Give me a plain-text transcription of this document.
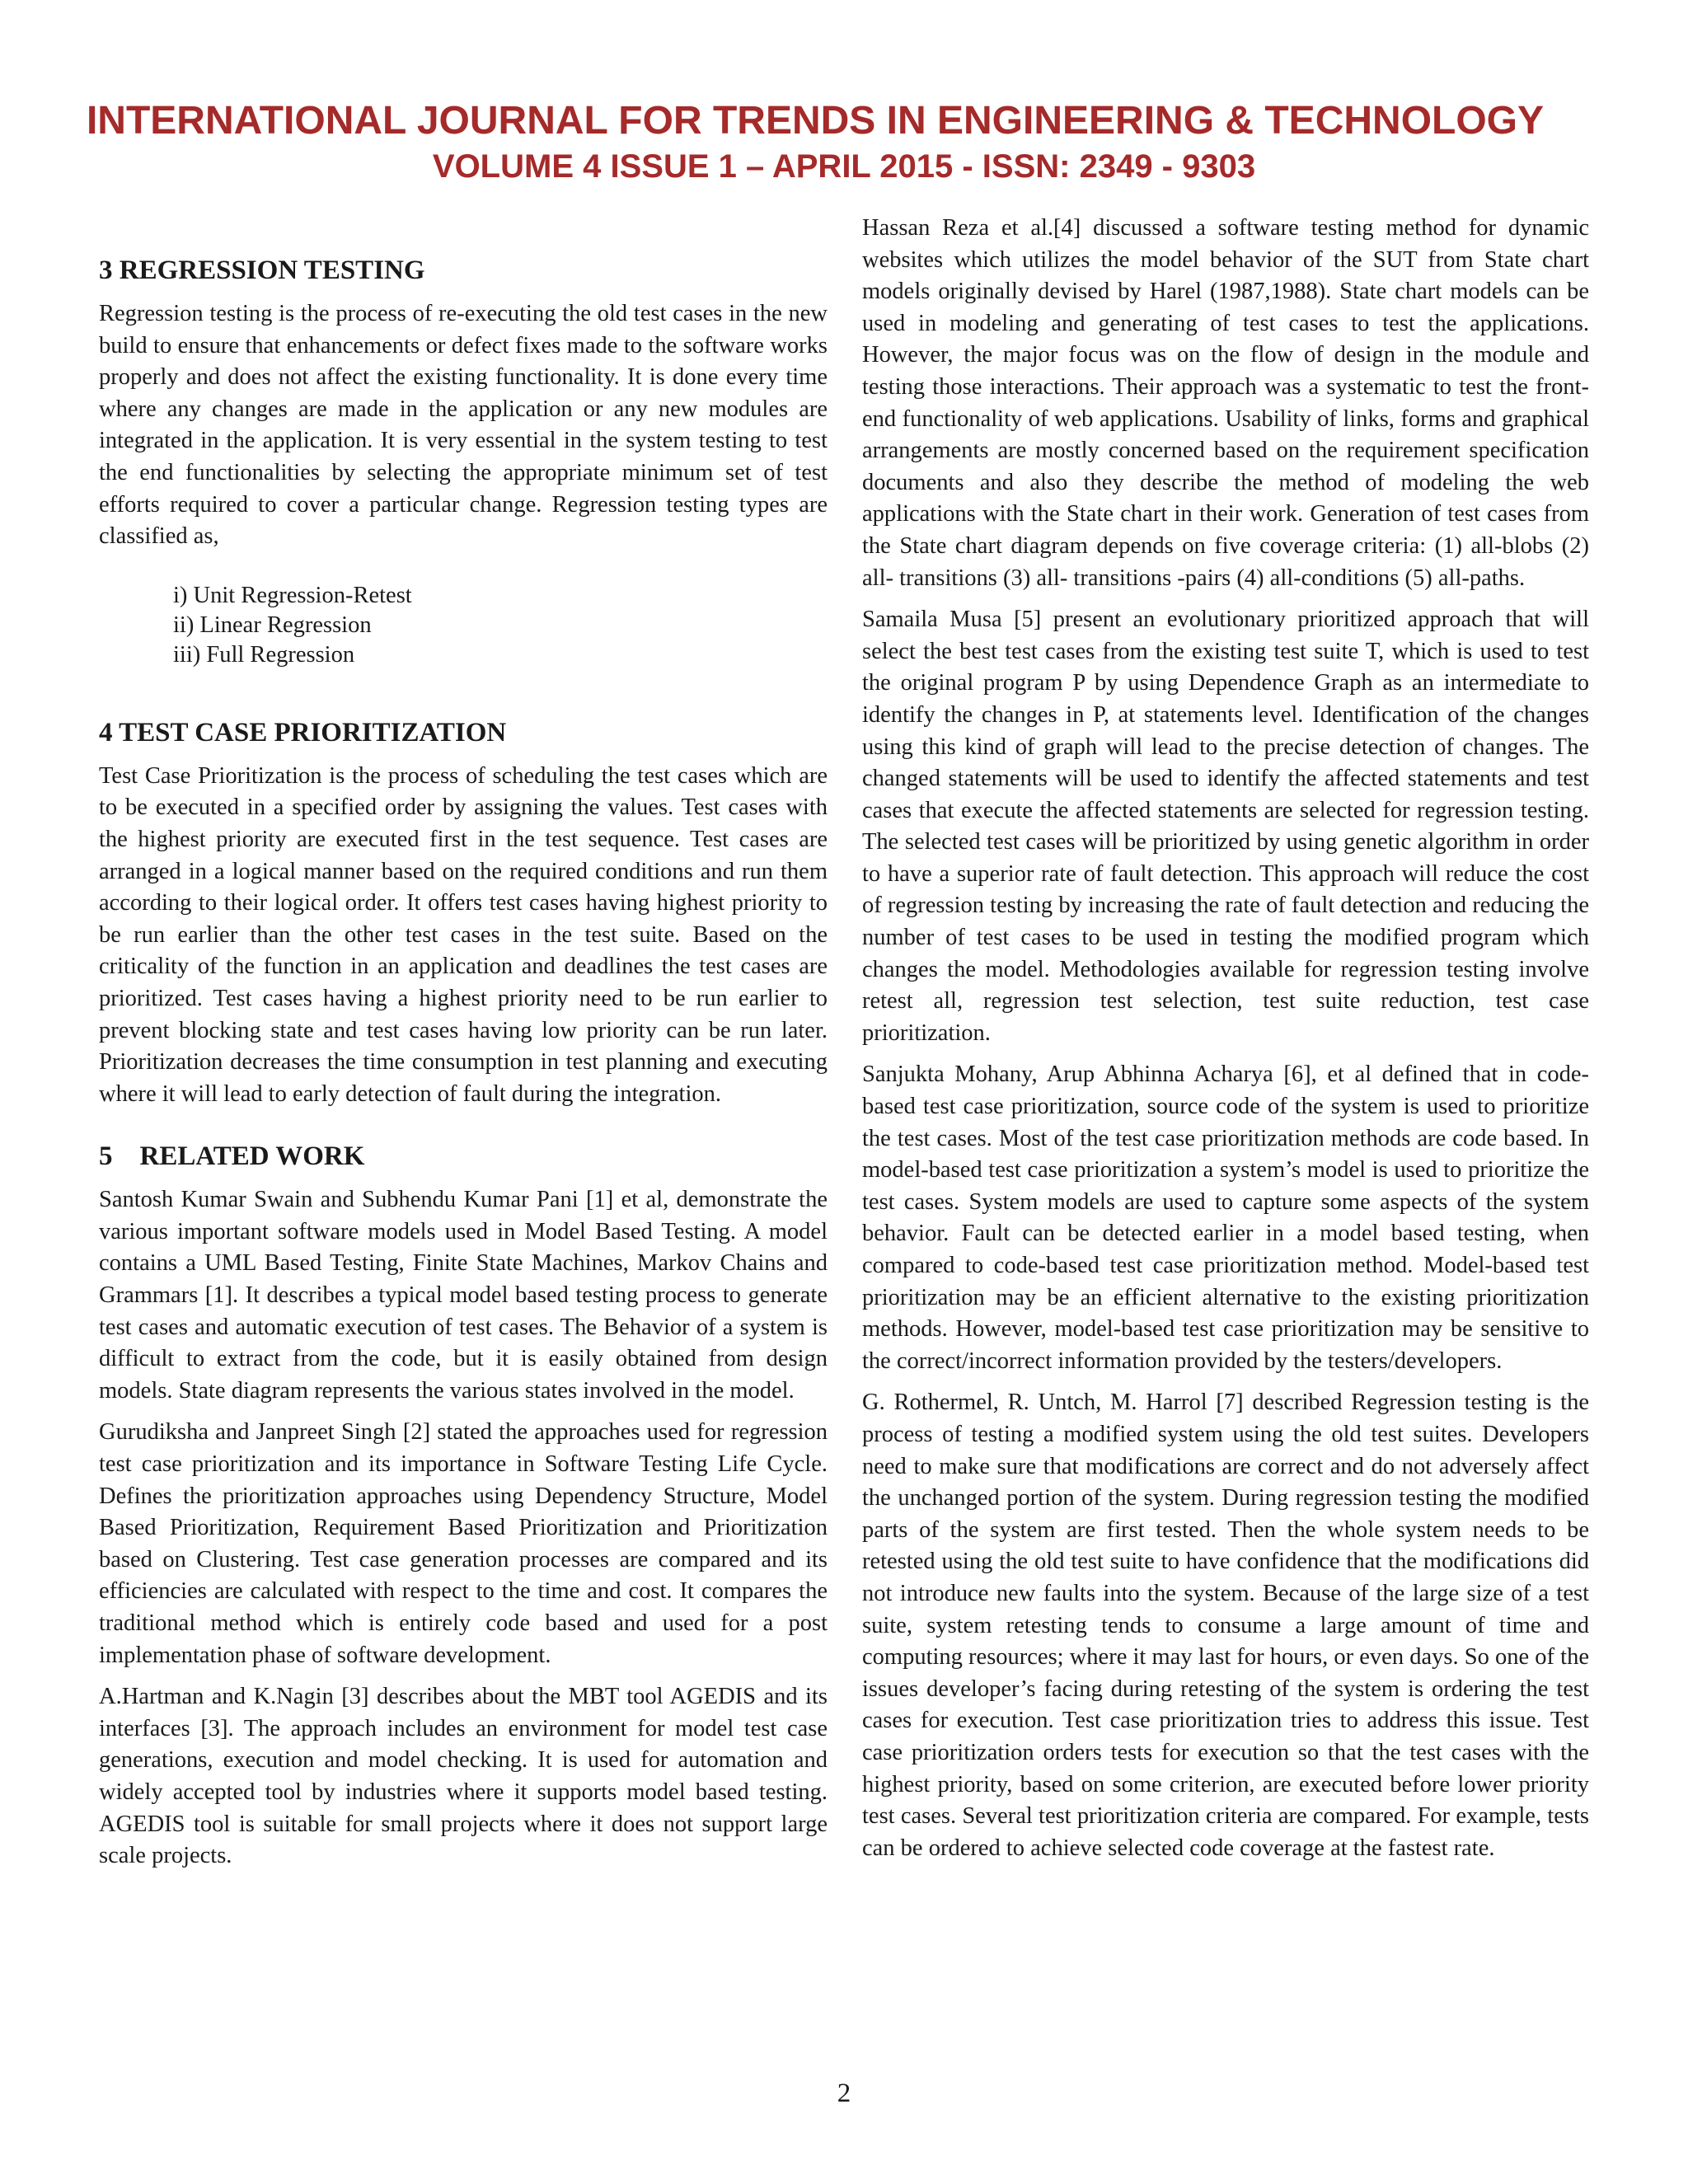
INTERNATIONAL JOURNAL FOR TRENDS IN ENGINEERING & TECHNOLOGY
VOLUME 4 ISSUE 1 – APRIL 2015 - ISSN: 2349 - 9303
3 REGRESSION TESTING

Regression testing is the process of re-executing the old test cases in the new build to ensure that enhancements or defect fixes made to the software works properly and does not affect the existing functionality. It is done every time where any changes are made in the application or any new modules are integrated in the application. It is very essential in the system testing to test the end functionalities by selecting the appropriate minimum set of test efforts required to cover a particular change. Regression testing types are classified as,

i) Unit Regression-Retest
ii) Linear Regression
iii) Full Regression
4 TEST CASE PRIORITIZATION

Test Case Prioritization is the process of scheduling the test cases which are to be executed in a specified order by assigning the values. Test cases with the highest priority are executed first in the test sequence. Test cases are arranged in a logical manner based on the required conditions and run them according to their logical order. It offers test cases having highest priority to be run earlier than the other test cases in the test suite. Based on the criticality of the function in an application and deadlines the test cases are prioritized. Test cases having a highest priority need to be run earlier to prevent blocking state and test cases having low priority can be run later. Prioritization decreases the time consumption in test planning and executing where it will lead to early detection of fault during the integration.

5    RELATED WORK

Santosh Kumar Swain and Subhendu Kumar Pani [1] et al, demonstrate the various important software models used in Model Based Testing. A model contains a UML Based Testing, Finite State Machines, Markov Chains and Grammars [1]. It describes a typical model based testing process to generate test cases and automatic execution of test cases. The Behavior of a system is difficult to extract from the code, but it is easily obtained from design models. State diagram represents the various states involved in the model.

Gurudiksha and Janpreet Singh [2] stated the approaches used for regression test case prioritization and its importance in Software Testing Life Cycle. Defines the prioritization approaches using Dependency Structure, Model Based Prioritization, Requirement Based Prioritization and Prioritization based on Clustering. Test case generation processes are compared and its efficiencies are calculated with respect to the time and cost. It compares the traditional method which is entirely code based and used for a post implementation phase of software development.

A.Hartman and K.Nagin [3] describes about the MBT tool AGEDIS and its interfaces [3]. The approach includes an environment for model test case generations, execution and model checking. It is used for automation and widely accepted tool by industries where it supports model based testing. AGEDIS tool is suitable for small projects where it does not support large scale projects.

Hassan Reza et al.[4] discussed a software testing method for dynamic websites which utilizes the model behavior of the SUT from State chart models originally devised by Harel (1987,1988). State chart models can be used in modeling and generating of test cases to test the applications. However, the major focus was on the flow of design in the module and testing those interactions. Their approach was a systematic to test the front-end functionality of web applications. Usability of links, forms and graphical arrangements are mostly concerned based on the requirement specification documents and also they describe the method of modeling the web applications with the State chart in their work. Generation of test cases from the State chart diagram depends on five coverage criteria: (1) all-blobs (2) all- transitions (3) all- transitions -pairs (4) all-conditions (5) all-paths.

Samaila Musa [5] present an evolutionary prioritized approach that will select the best test cases from the existing test suite T, which is used to test the original program P by using Dependence Graph as an intermediate to identify the changes in P, at statements level. Identification of the changes using this kind of graph will lead to the precise detection of changes. The changed statements will be used to identify the affected statements and test cases that execute the affected statements are selected for regression testing. The selected test cases will be prioritized by using genetic algorithm in order to have a superior rate of fault detection. This approach will reduce the cost of regression testing by increasing the rate of fault detection and reducing the number of test cases to be used in testing the modified program which changes the model. Methodologies available for regression testing involve retest all, regression test selection, test suite reduction, test case prioritization.

Sanjukta Mohany, Arup Abhinna Acharya [6], et al defined that in code-based test case prioritization, source code of the system is used to prioritize the test cases. Most of the test case prioritization methods are code based. In model-based test case prioritization a system’s model is used to prioritize the test cases. System models are used to capture some aspects of the system behavior. Fault can be detected earlier in a model based testing, when compared to code-based test case prioritization method. Model-based test prioritization may be an efficient alternative to the existing prioritization methods. However, model-based test case prioritization may be sensitive to the correct/incorrect information provided by the testers/developers.

G. Rothermel, R. Untch, M. Harrol [7] described Regression testing is the process of testing a modified system using the old test suites. Developers need to make sure that modifications are correct and do not adversely affect the unchanged portion of the system. During regression testing the modified parts of the system are first tested. Then the whole system needs to be retested using the old test suite to have confidence that the modifications did not introduce new faults into the system. Because of the large size of a test suite, system retesting tends to consume a large amount of time and computing resources; where it may last for hours, or even days. So one of the issues developer’s facing during retesting of the system is ordering the test cases for execution. Test case prioritization tries to address this issue. Test case prioritization orders tests for execution so that the test cases with the highest priority, based on some criterion, are executed before lower priority test cases. Several test prioritization criteria are compared. For example, tests can be ordered to achieve selected code coverage at the fastest rate.

2
